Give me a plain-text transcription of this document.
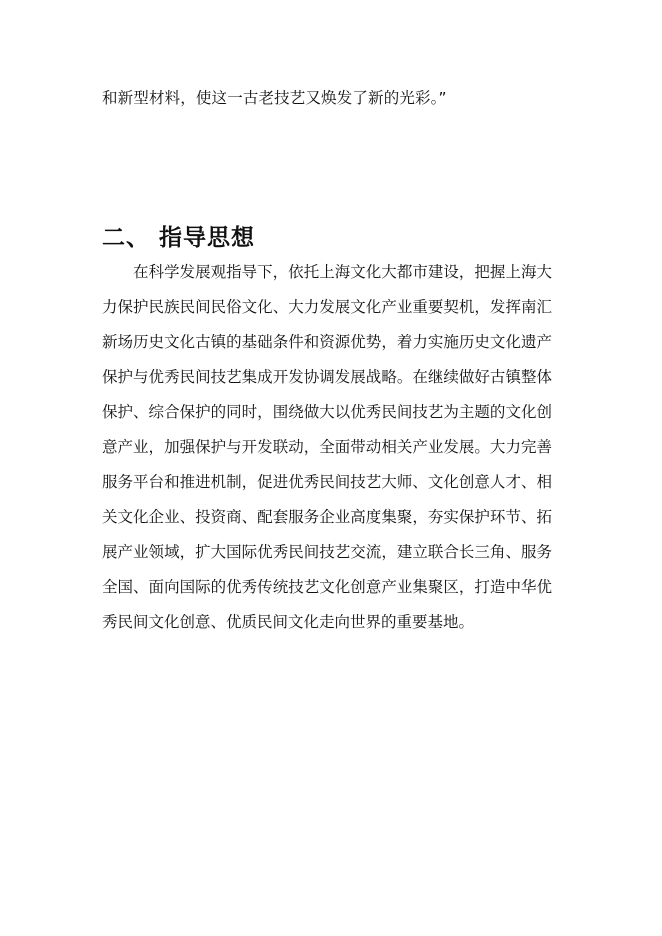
和新型材料，使这一古老技艺又焕发了新的光彩。”
二、 指导思想
在科学发展观指导下，依托上海文化大都市建设，把握上海大
力保护民族民间民俗文化、大力发展文化产业重要契机，发挥南汇
新场历史文化古镇的基础条件和资源优势，着力实施历史文化遗产
保护与优秀民间技艺集成开发协调发展战略。在继续做好古镇整体
保护、综合保护的同时，围绕做大以优秀民间技艺为主题的文化创
意产业，加强保护与开发联动，全面带动相关产业发展。大力完善
服务平台和推进机制，促进优秀民间技艺大师、文化创意人才、相
关文化企业、投资商、配套服务企业高度集聚，夯实保护环节、拓
展产业领域，扩大国际优秀民间技艺交流，建立联合长三角、服务
全国、面向国际的优秀传统技艺文化创意产业集聚区，打造中华优
秀民间文化创意、优质民间文化走向世界的重要基地。
